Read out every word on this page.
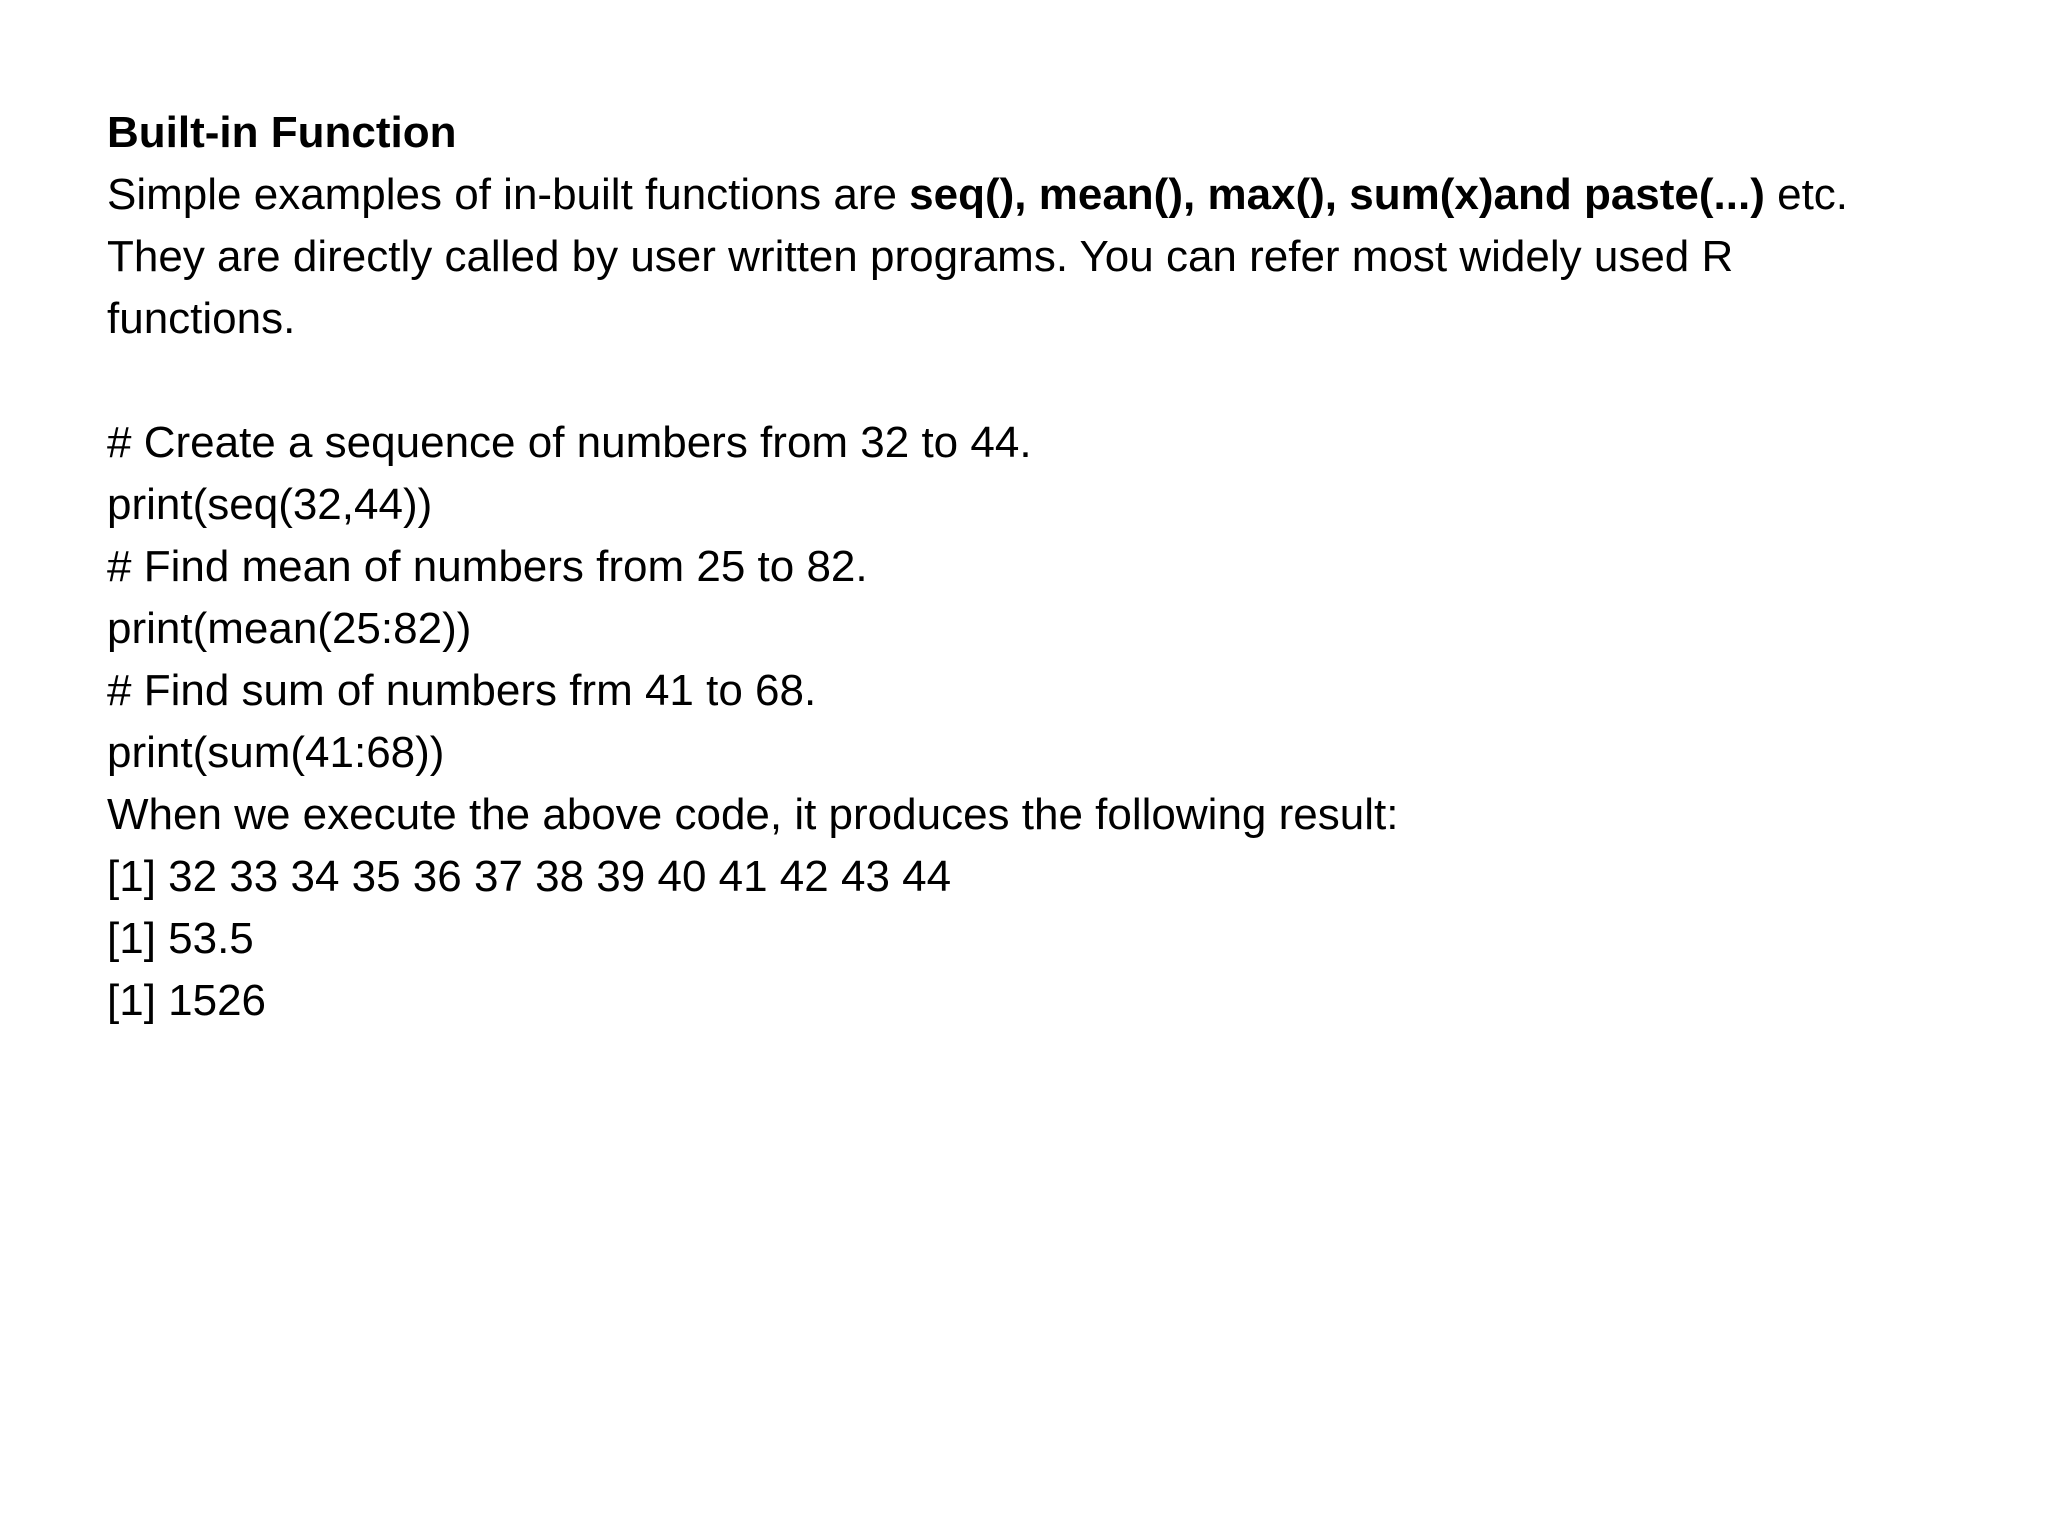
Built-in Function
Simple examples of in-built functions are seq(), mean(), max(), sum(x)and paste(...) etc.
They are directly called by user written programs. You can refer most widely used R
functions.
# Create a sequence of numbers from 32 to 44.
print(seq(32,44))
# Find mean of numbers from 25 to 82.
print(mean(25:82))
# Find sum of numbers frm 41 to 68.
print(sum(41:68))
When we execute the above code, it produces the following result:
[1] 32 33 34 35 36 37 38 39 40 41 42 43 44
[1] 53.5
[1] 1526
